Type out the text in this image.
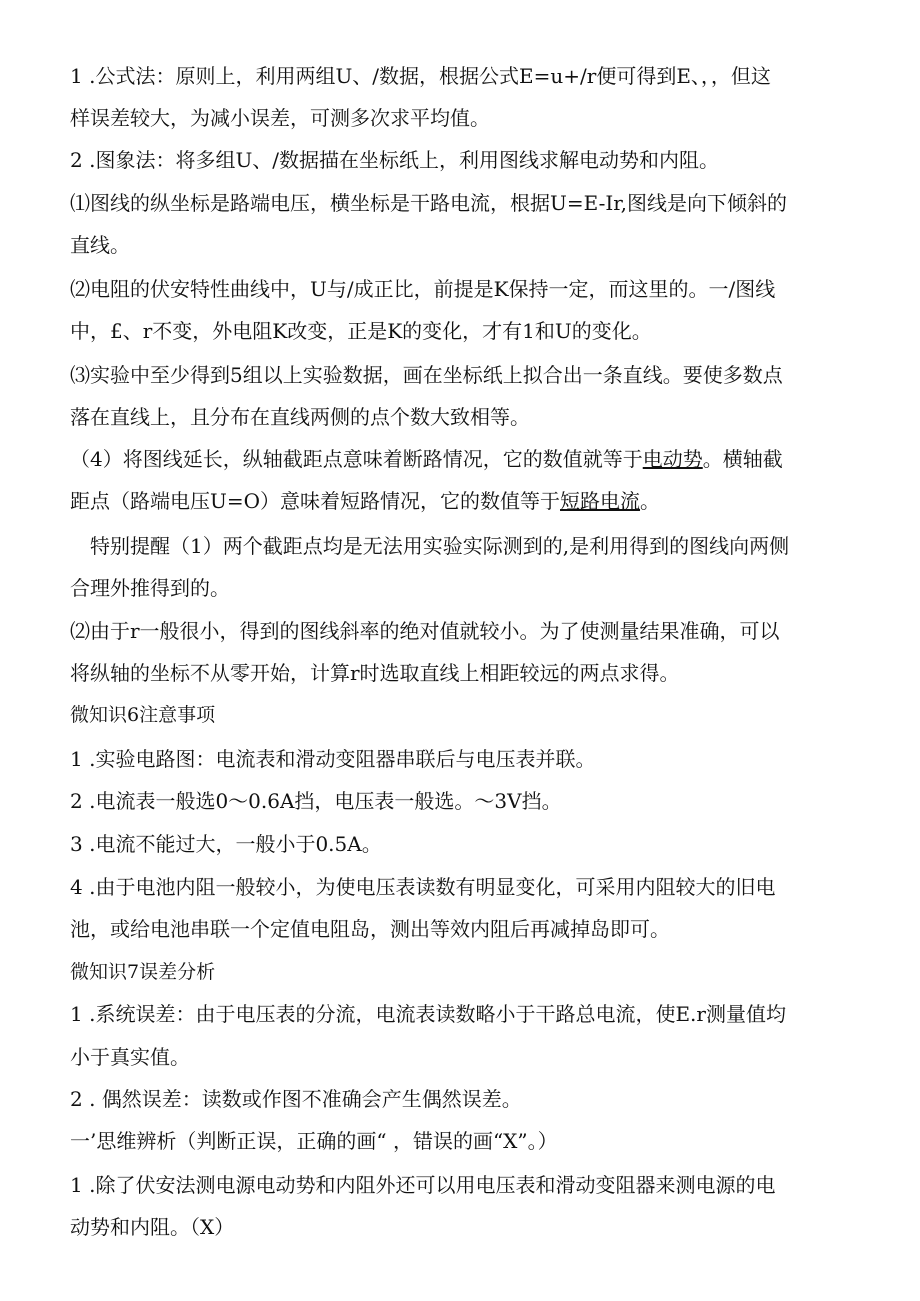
1 .公式法：原则上，利用两组U、/数据，根据公式E=u+/r便可得到E、，，但这
样误差较大，为减小误差，可测多次求平均值。
2 .图象法：将多组U、/数据描在坐标纸上，利用图线求解电动势和内阻。
⑴图线的纵坐标是路端电压，横坐标是干路电流，根据U=E-Ir,图线是向下倾斜的
直线。
⑵电阻的伏安特性曲线中，U与/成正比，前提是K保持一定，而这里的。一/图线
中，£、r不变，外电阻K改变，正是K的变化，才有1和U的变化。
⑶实验中至少得到5组以上实验数据，画在坐标纸上拟合出一条直线。要使多数点
落在直线上，且分布在直线两侧的点个数大致相等。
（4）将图线延长，纵轴截距点意味着断路情况，它的数值就等于电动势。横轴截
距点（路端电压U=O）意味着短路情况，它的数值等于短路电流。
特别提醒（1）两个截距点均是无法用实验实际测到的,是利用得到的图线向两侧
合理外推得到的。
⑵由于r一般很小，得到的图线斜率的绝对值就较小。为了使测量结果准确，可以
将纵轴的坐标不从零开始，计算r时选取直线上相距较远的两点求得。
微知识6注意事项
1 .实验电路图：电流表和滑动变阻器串联后与电压表并联。
2 .电流表一般选0～0.6A挡，电压表一般选。～3V挡。
3 .电流不能过大，一般小于0.5A。
4 .由于电池内阻一般较小，为使电压表读数有明显变化，可采用内阻较大的旧电
池，或给电池串联一个定值电阻岛，测出等效内阻后再减掉岛即可。
微知识7误差分析
1 .系统误差：由于电压表的分流，电流表读数略小于干路总电流，使E.r测量值均
小于真实值。
2 . 偶然误差：读数或作图不准确会产生偶然误差。
一’思维辨析（判断正误，正确的画“ ，错误的画“X”。）
1 .除了伏安法测电源电动势和内阻外还可以用电压表和滑动变阻器来测电源的电
动势和内阻。（X）
